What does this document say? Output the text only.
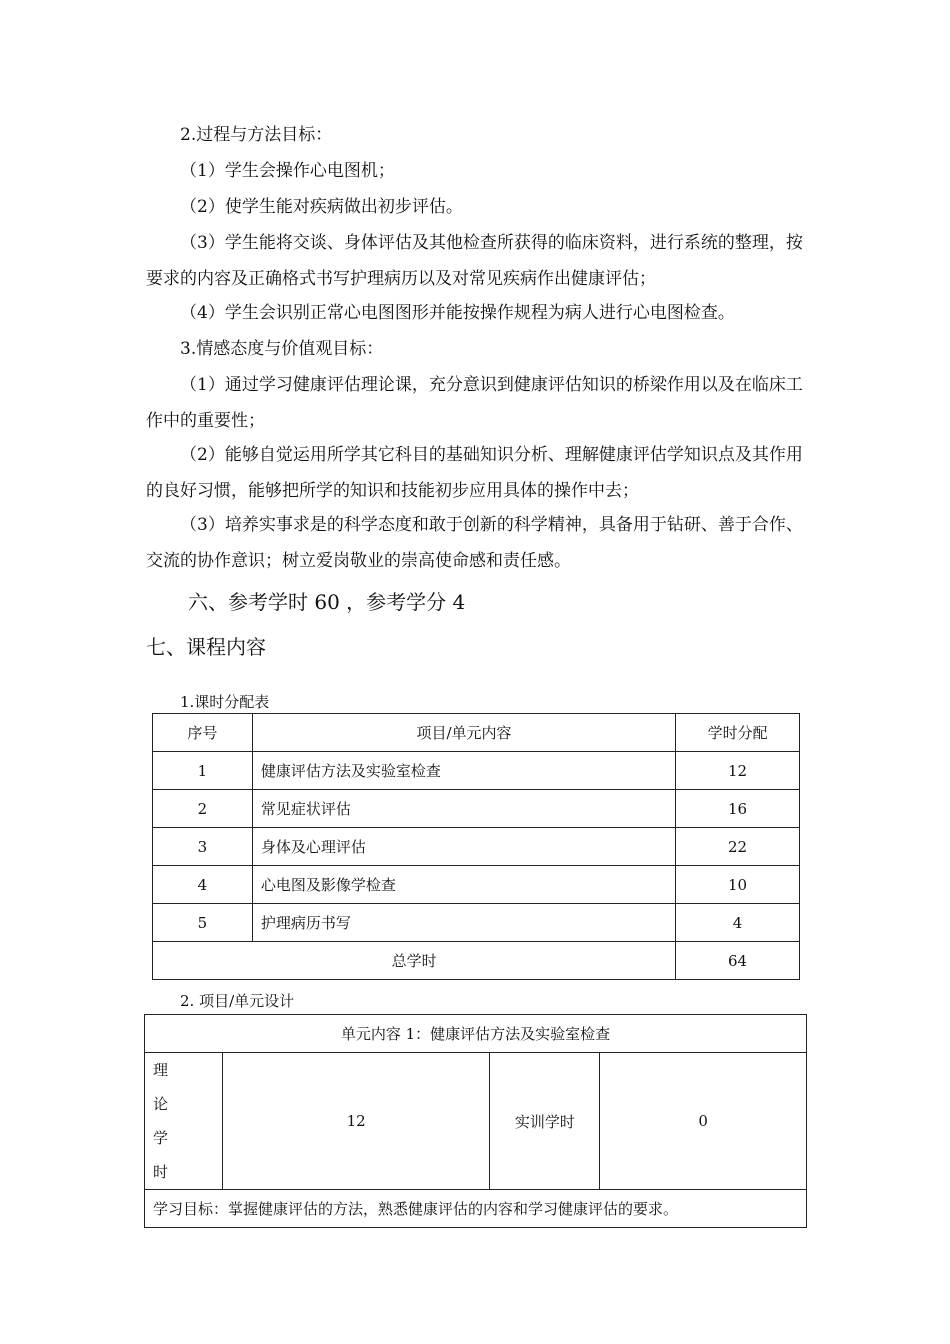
2.过程与方法目标：

（1）学生会操作心电图机；

（2）使学生能对疾病做出初步评估。

（3）学生能将交谈、身体评估及其他检查所获得的临床资料，进行系统的整理，按要求的内容及正确格式书写护理病历以及对常见疾病作出健康评估；

（4）学生会识别正常心电图图形并能按操作规程为病人进行心电图检查。

3.情感态度与价值观目标：

（1）通过学习健康评估理论课，充分意识到健康评估知识的桥梁作用以及在临床工作中的重要性；

（2）能够自觉运用所学其它科目的基础知识分析、理解健康评估学知识点及其作用的良好习惯，能够把所学的知识和技能初步应用具体的操作中去；

（3）培养实事求是的科学态度和敢于创新的科学精神，具备用于钻研、善于合作、交流的协作意识；树立爱岗敬业的崇高使命感和责任感。

六、参考学时 60 ，参考学分 4

七、课程内容

1.课时分配表

序号	项目/单元内容	学时分配
1	健康评估方法及实验室检查	12
2	常见症状评估	16
3	身体及心理评估	22
4	心电图及影像学检查	10
5	护理病历书写	4
总学时		64

2. 项目/单元设计

单元内容 1：健康评估方法及实验室检查
理 论 学 时	12	实训学时	0
学习目标：掌握健康评估的方法，熟悉健康评估的内容和学习健康评估的要求。
